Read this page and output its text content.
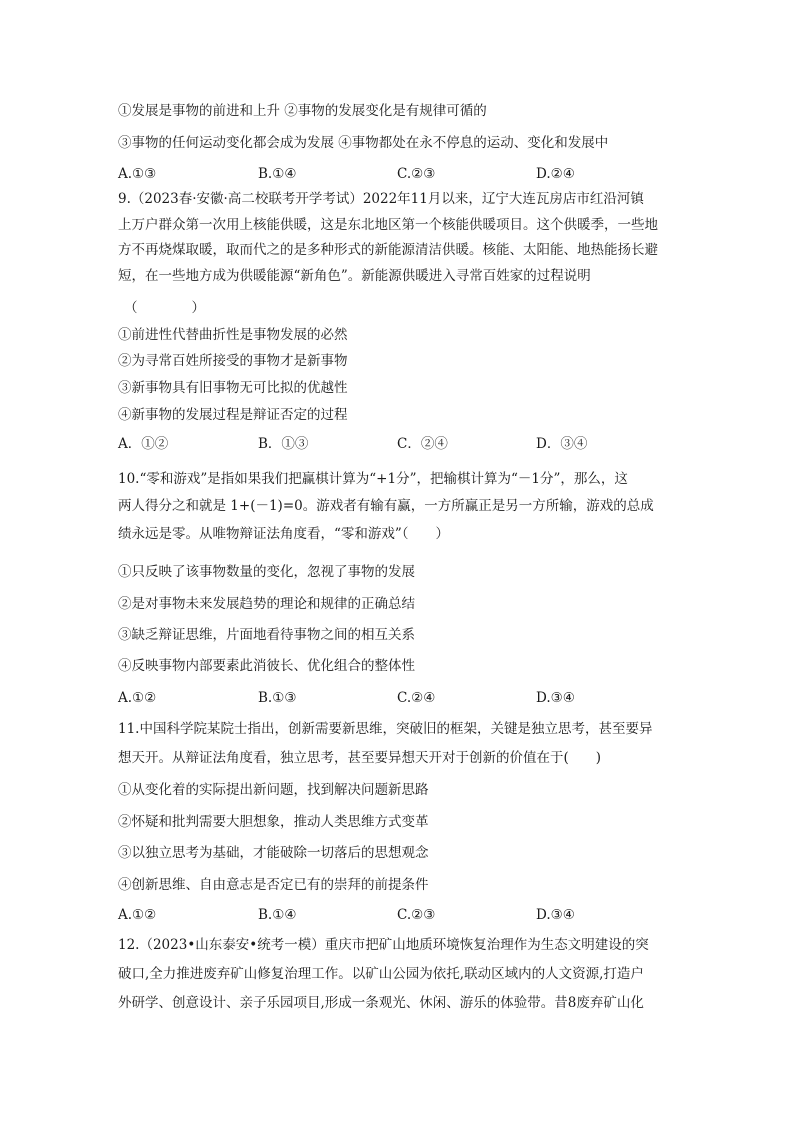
①发展是事物的前进和上升 ②事物的发展变化是有规律可循的
③事物的任何运动变化都会成为发展 ④事物都处在永不停息的运动、变化和发展中
A.①③	B.①④	C.②③	D.②④
9.（2023春·安徽·高二校联考开学考试）2022年11月以来，辽宁大连瓦房店市红沿河镇
上万户群众第一次用上核能供暖，这是东北地区第一个核能供暖项目。这个供暖季，一些地
方不再烧煤取暖，取而代之的是多种形式的新能源清洁供暖。核能、太阳能、地热能扬长避
短，在一些地方成为供暖能源“新角色”。新能源供暖进入寻常百姓家的过程说明
（　　　　）
①前进性代替曲折性是事物发展的必然
②为寻常百姓所接受的事物才是新事物
③新事物具有旧事物无可比拟的优越性
④新事物的发展过程是辩证否定的过程
A．①②	B．①③	C．②④	D．③④
10.“零和游戏”是指如果我们把赢棋计算为“+1分”，把输棋计算为“－1分”，那么，这
两人得分之和就是 1+(－1)=0。游戏者有输有赢，一方所赢正是另一方所输，游戏的总成
绩永远是零。从唯物辩证法角度看，“零和游戏”（　　）
①只反映了该事物数量的变化，忽视了事物的发展
②是对事物未来发展趋势的理论和规律的正确总结
③缺乏辩证思维，片面地看待事物之间的相互关系
④反映事物内部要素此消彼长、优化组合的整体性
A.①②	B.①③	C.②④	D.③④
11.中国科学院某院士指出，创新需要新思维，突破旧的框架，关键是独立思考，甚至要异
想天开。从辩证法角度看，独立思考，甚至要异想天开对于创新的价值在于(　　)
①从变化着的实际提出新问题，找到解决问题新思路
②怀疑和批判需要大胆想象，推动人类思维方式变革
③以独立思考为基础，才能破除一切落后的思想观念
④创新思维、自由意志是否定已有的崇拜的前提条件
A.①②	B.①④	C.②③	D.③④
12.（2023•山东泰安•统考一模）重庆市把矿山地质环境恢复治理作为生态文明建设的突
破口,全力推进废弃矿山修复治理工作。以矿山公园为依托,联动区域内的人文资源,打造户
外研学、创意设计、亲子乐园项目,形成一条观光、休闲、游乐的体验带。昔8废弃矿山化
